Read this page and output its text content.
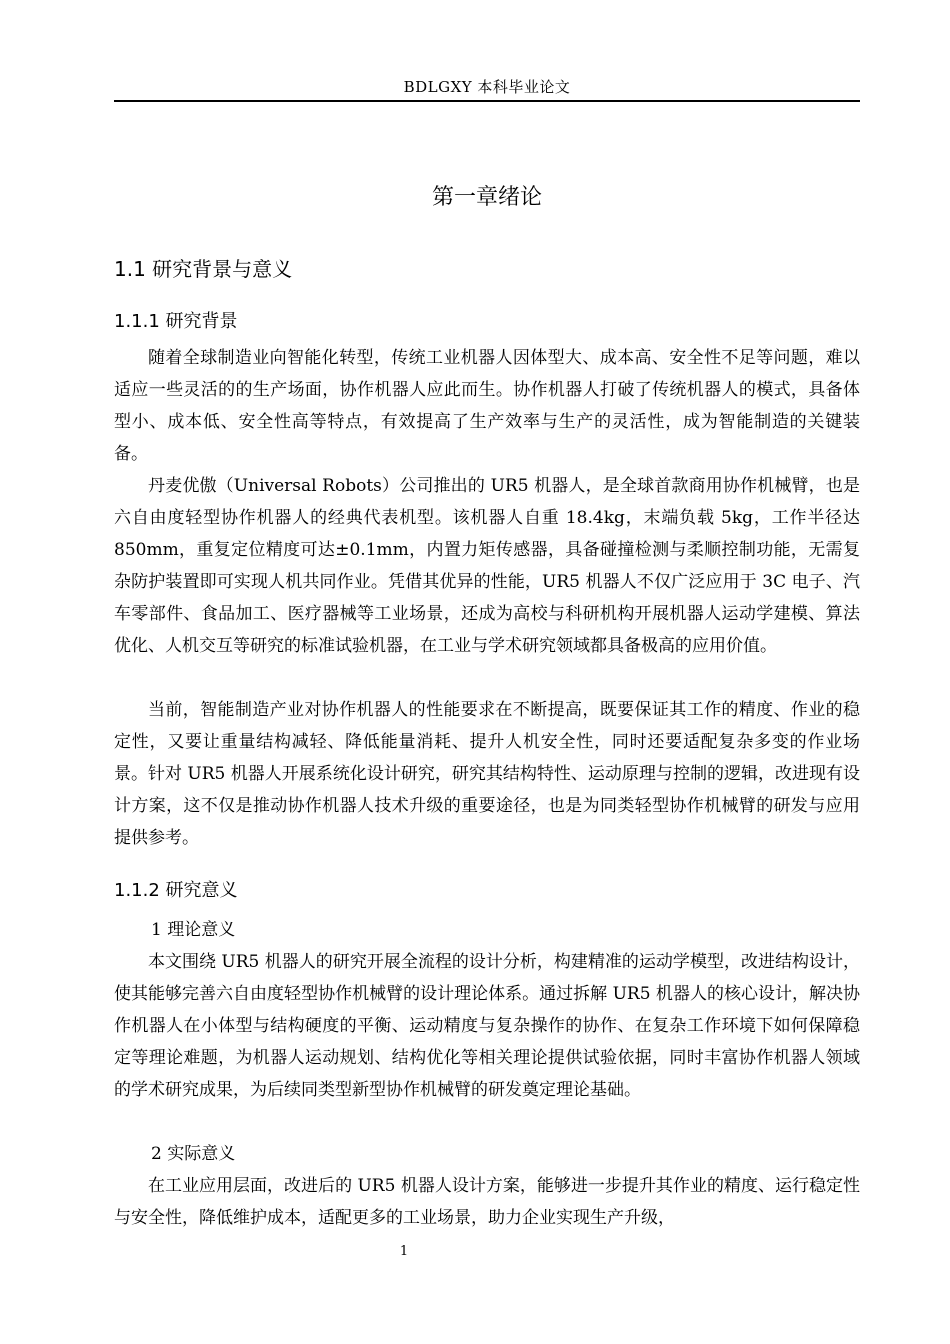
BDLGXY 本科毕业论文
第一章绪论
1.1 研究背景与意义
1.1.1 研究背景

随着全球制造业向智能化转型，传统工业机器人因体型大、成本高、安全性不足等问题，难以适应一些灵活的的生产场面，协作机器人应此而生。协作机器人打破了传统机器人的模式，具备体型小、成本低、安全性高等特点，有效提高了生产效率与生产的灵活性，成为智能制造的关键装备。

丹麦优傲（Universal Robots）公司推出的 UR5 机器人，是全球首款商用协作机械臂，也是六自由度轻型协作机器人的经典代表机型。该机器人自重 18.4kg，末端负载 5kg，工作半径达 850mm，重复定位精度可达±0.1mm，内置力矩传感器，具备碰撞检测与柔顺控制功能，无需复杂防护装置即可实现人机共同作业。凭借其优异的性能，UR5 机器人不仅广泛应用于 3C 电子、汽车零部件、食品加工、医疗器械等工业场景，还成为高校与科研机构开展机器人运动学建模、算法优化、人机交互等研究的标准试验机器，在工业与学术研究领域都具备极高的应用价值。

当前，智能制造产业对协作机器人的性能要求在不断提高，既要保证其工作的精度、作业的稳定性，又要让重量结构减轻、降低能量消耗、提升人机安全性，同时还要适配复杂多变的作业场景。针对 UR5 机器人开展系统化设计研究，研究其结构特性、运动原理与控制的逻辑，改进现有设计方案，这不仅是推动协作机器人技术升级的重要途径，也是为同类轻型协作机械臂的研发与应用提供参考。

1.1.2 研究意义
1 理论意义

本文围绕 UR5 机器人的研究开展全流程的设计分析，构建精准的运动学模型，改进结构设计，使其能够完善六自由度轻型协作机械臂的设计理论体系。通过拆解 UR5 机器人的核心设计，解决协作机器人在小体型与结构硬度的平衡、运动精度与复杂操作的协作、在复杂工作环境下如何保障稳定等理论难题，为机器人运动规划、结构优化等相关理论提供试验依据，同时丰富协作机器人领域的学术研究成果，为后续同类型新型协作机械臂的研发奠定理论基础。

2 实际意义

在工业应用层面，改进后的 UR5 机器人设计方案，能够进一步提升其作业的精度、运行稳定性与安全性，降低维护成本，适配更多的工业场景，助力企业实现生产升级，

1
